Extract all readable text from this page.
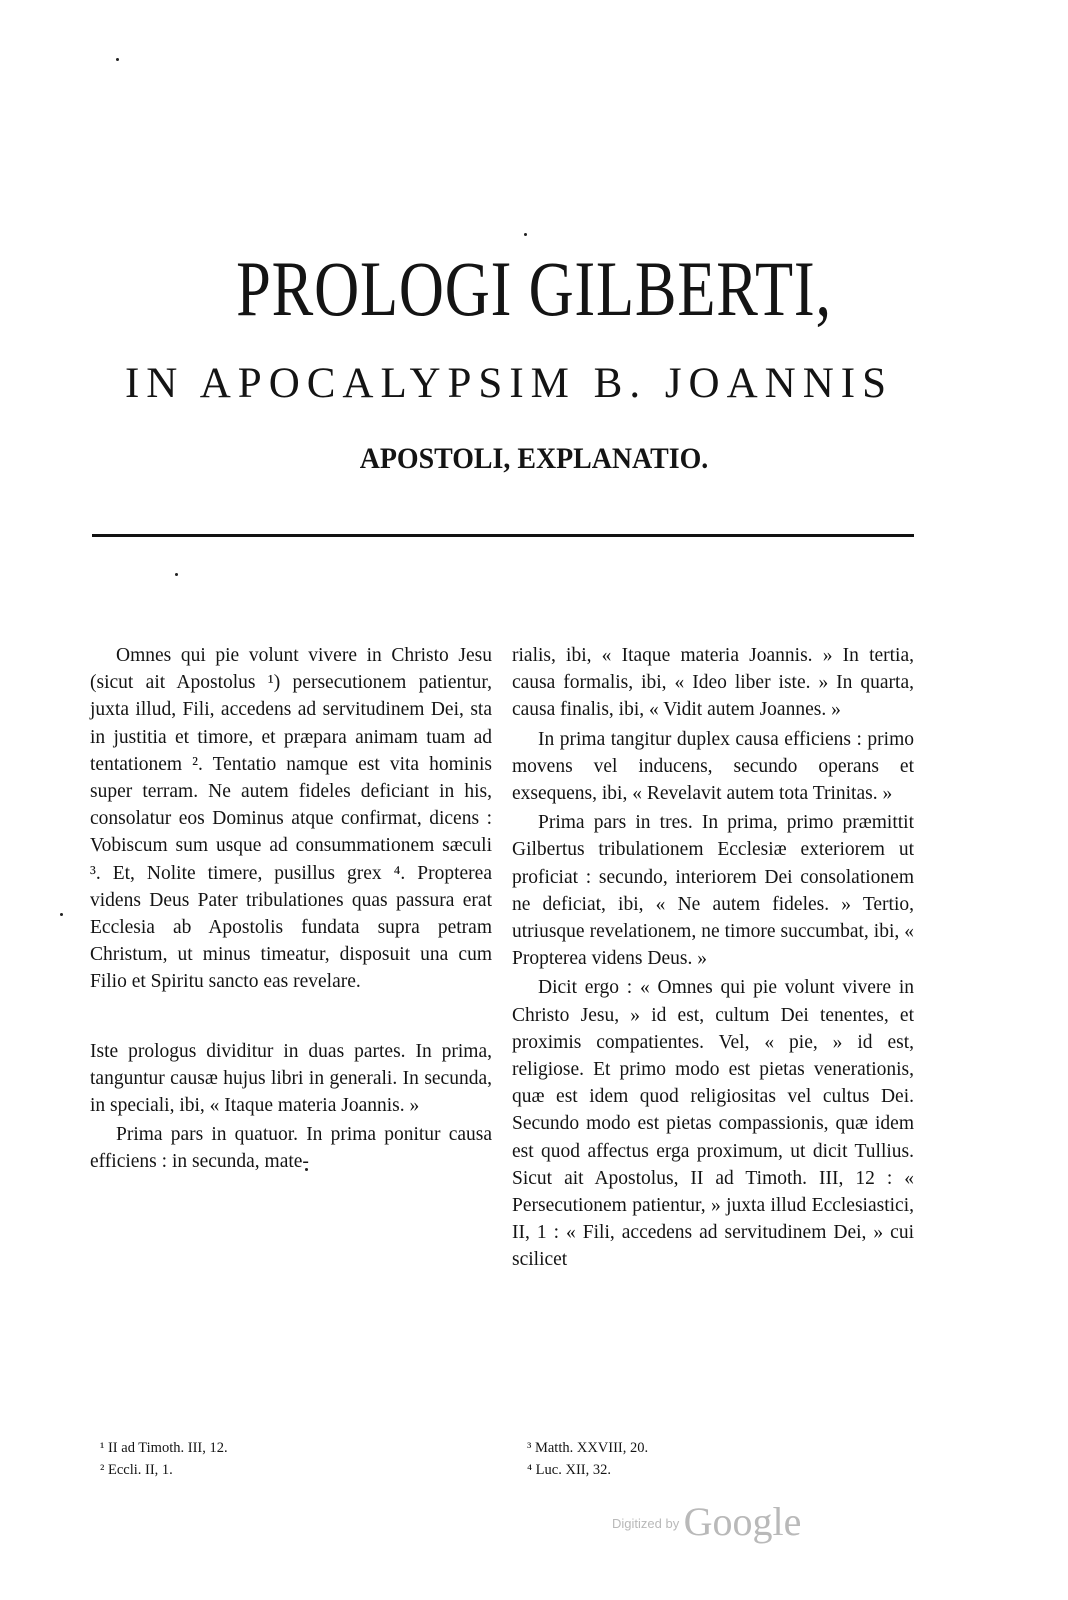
PROLOGI GILBERTI,
IN APOCALYPSIM B. JOANNIS
APOSTOLI, EXPLANATIO.

Omnes qui pie volunt vivere in Christo Jesu (sicut ait Apostolus ¹) persecutionem patientur, juxta illud, Fili, accedens ad servitudinem Dei, sta in justitia et timore, et præpara animam tuam ad tentationem ². Tentatio namque est vita hominis super terram. Ne autem fideles deficiant in his, consolatur eos Dominus atque confirmat, dicens : Vobiscum sum usque ad consummationem sæculi ³. Et, Nolite timere, pusillus grex ⁴. Propterea videns Deus Pater tribulationes quas passura erat Ecclesia ab Apostolis fundata supra petram Christum, ut minus timeatur, disposuit una cum Filio et Spiritu sancto eas revelare.

Iste prologus dividitur in duas partes. In prima, tanguntur causæ hujus libri in generali. In secunda, in speciali, ibi, « Itaque materia Joannis. »

Prima pars in quatuor. In prima ponitur causa efficiens : in secunda, mate-

rialis, ibi, « Itaque materia Joannis. » In tertia, causa formalis, ibi, « Ideo liber iste. » In quarta, causa finalis, ibi, « Vidit autem Joannes. »

In prima tangitur duplex causa efficiens : primo movens vel inducens, secundo operans et exsequens, ibi, « Revelavit autem tota Trinitas. »

Prima pars in tres. In prima, primo præmittit Gilbertus tribulationem Ecclesiæ exteriorem ut proficiat : secundo, interiorem Dei consolationem ne deficiat, ibi, « Ne autem fideles. » Tertio, utriusque revelationem, ne timore succumbat, ibi, « Propterea videns Deus. »

Dicit ergo : « Omnes qui pie volunt vivere in Christo Jesu, » id est, cultum Dei tenentes, et proximis compatientes. Vel, « pie, » id est, religiose. Et primo modo est pietas venerationis, quæ est idem quod religiositas vel cultus Dei. Secundo modo est pietas compassionis, quæ idem est quod affectus erga proximum, ut dicit Tullius. Sicut ait Apostolus, II ad Timoth. III, 12 : « Persecutionem patientur, » juxta illud Ecclesiastici, II, 1 : « Fili, accedens ad servitudinem Dei, » cui scilicet

¹ II ad Timoth. III, 12.
² Eccli. II, 1.
³ Matth. XXVIII, 20.
⁴ Luc. XII, 32.
$^{Digitized by}$ Google
